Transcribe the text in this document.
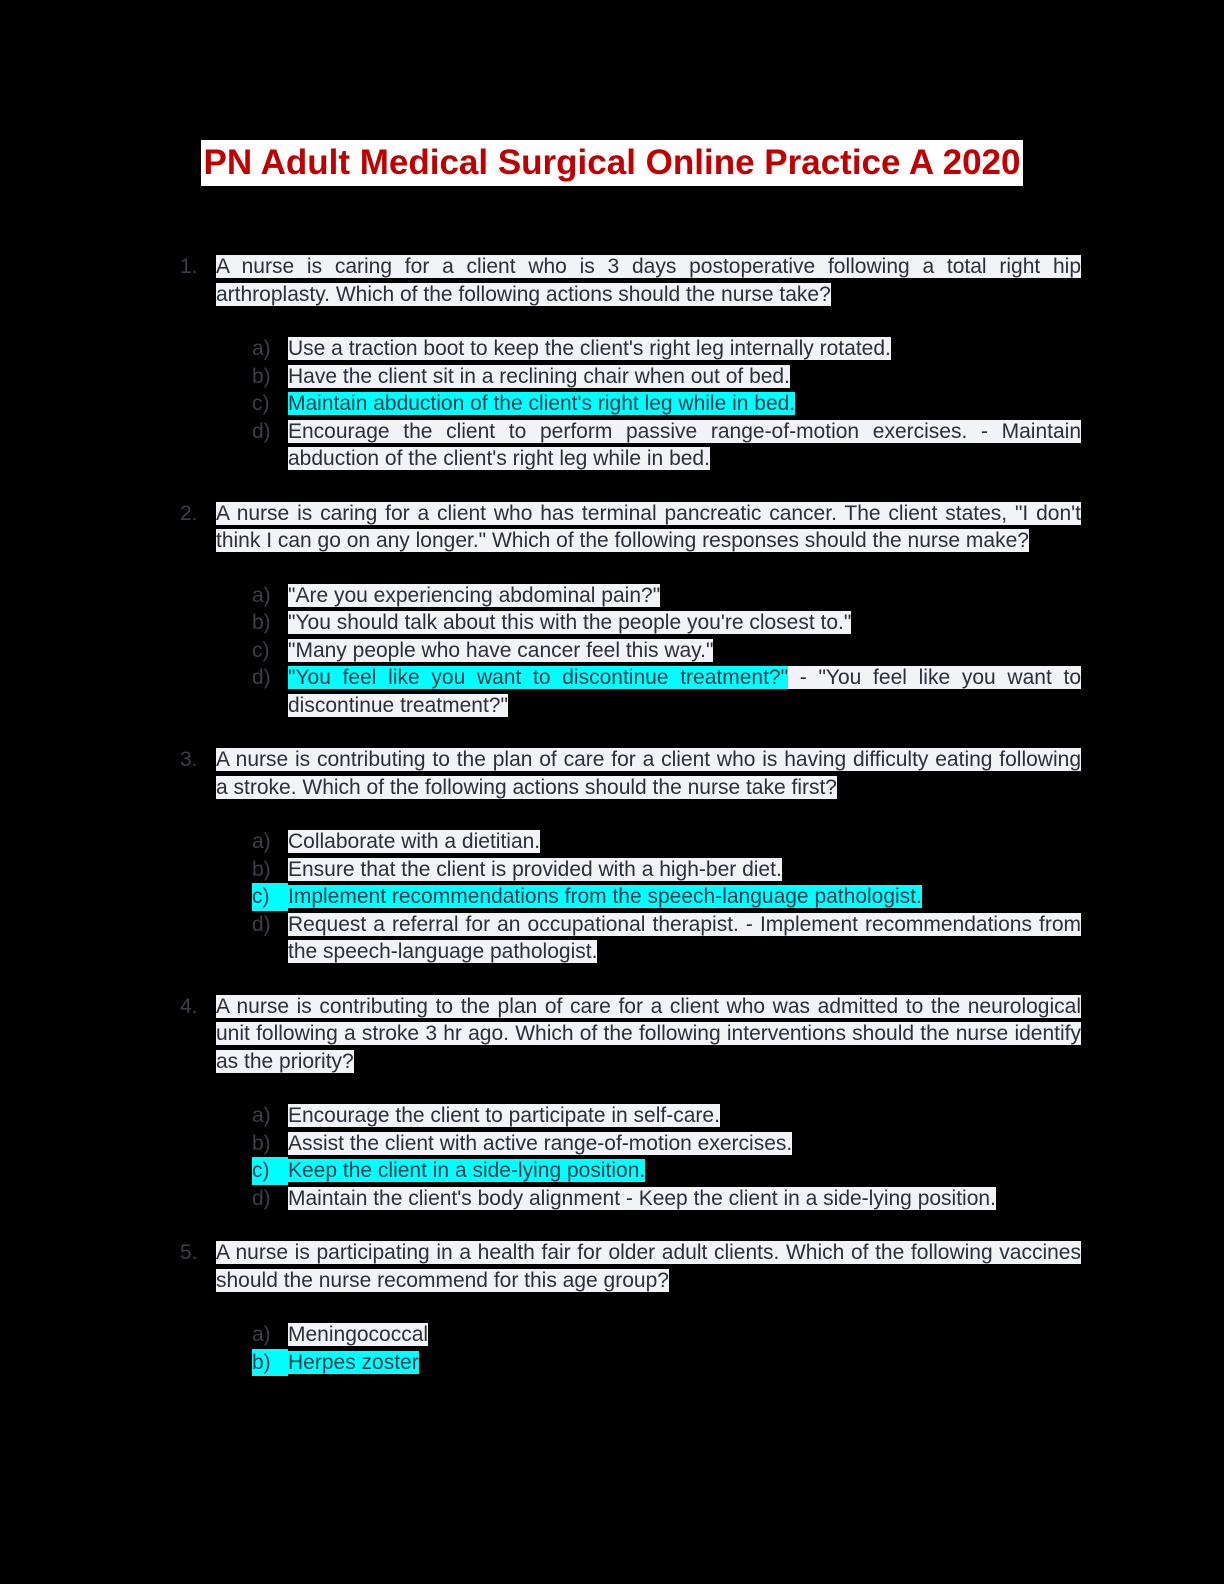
PN Adult Medical Surgical Online Practice A 2020
1. A nurse is caring for a client who is 3 days postoperative following a total right hip arthroplasty. Which of the following actions should the nurse take?
a) Use a traction boot to keep the client's right leg internally rotated.
b) Have the client sit in a reclining chair when out of bed.
c) Maintain abduction of the client's right leg while in bed.
d) Encourage the client to perform passive range-of-motion exercises. - Maintain abduction of the client's right leg while in bed.
2. A nurse is caring for a client who has terminal pancreatic cancer. The client states, "I don't think I can go on any longer." Which of the following responses should the nurse make?
a) "Are you experiencing abdominal pain?"
b) "You should talk about this with the people you're closest to."
c) "Many people who have cancer feel this way."
d) "You feel like you want to discontinue treatment?" - "You feel like you want to discontinue treatment?"
3. A nurse is contributing to the plan of care for a client who is having difficulty eating following a stroke. Which of the following actions should the nurse take first?
a) Collaborate with a dietitian.
b) Ensure that the client is provided with a high-ber diet.
c) Implement recommendations from the speech-language pathologist.
d) Request a referral for an occupational therapist. - Implement recommendations from the speech-language pathologist.
4. A nurse is contributing to the plan of care for a client who was admitted to the neurological unit following a stroke 3 hr ago. Which of the following interventions should the nurse identify as the priority?
a) Encourage the client to participate in self-care.
b) Assist the client with active range-of-motion exercises.
c) Keep the client in a side-lying position.
d) Maintain the client's body alignment - Keep the client in a side-lying position.
5. A nurse is participating in a health fair for older adult clients. Which of the following vaccines should the nurse recommend for this age group?
a) Meningococcal
b) Herpes zoster
